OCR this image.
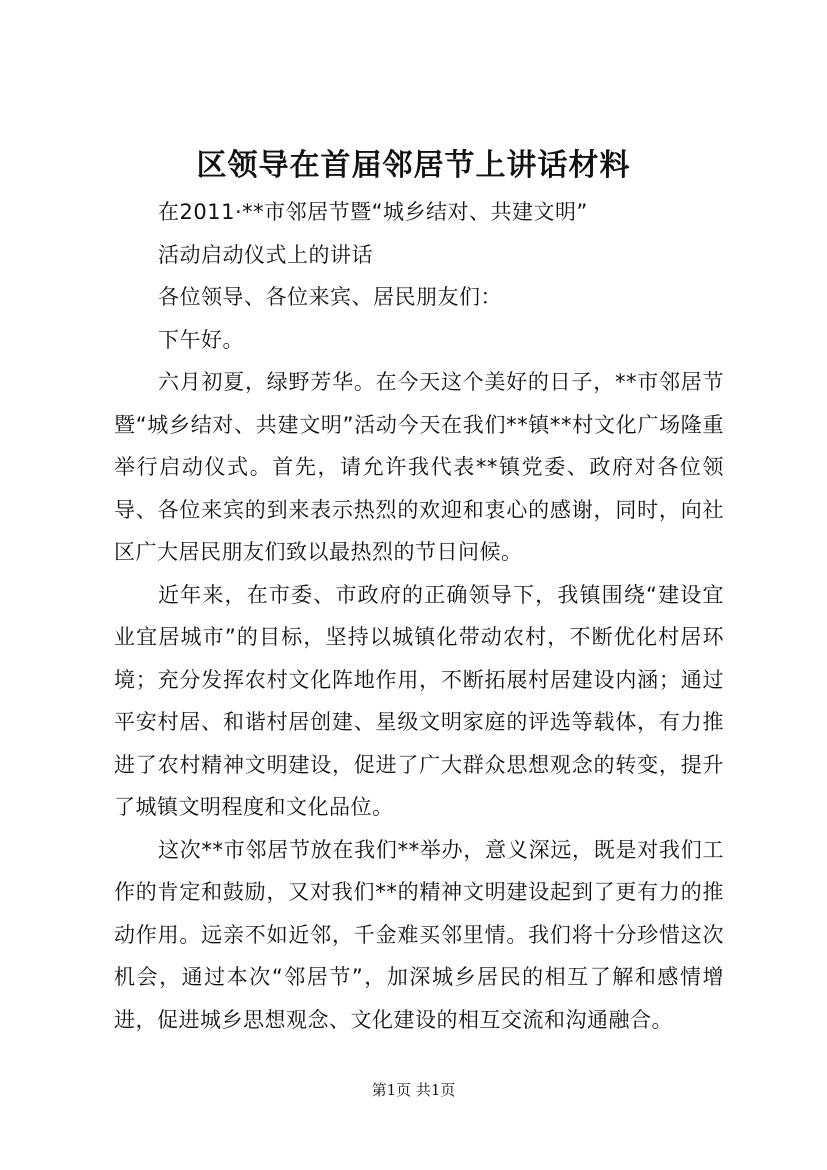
区领导在首届邻居节上讲话材料

在2011·**市邻居节暨“城乡结对、共建文明”

活动启动仪式上的讲话

各位领导、各位来宾、居民朋友们：

下午好。

六月初夏，绿野芳华。在今天这个美好的日子，**市邻居节暨“城乡结对、共建文明”活动今天在我们**镇**村文化广场隆重举行启动仪式。首先，请允许我代表**镇党委、政府对各位领导、各位来宾的到来表示热烈的欢迎和衷心的感谢，同时，向社区广大居民朋友们致以最热烈的节日问候。

近年来，在市委、市政府的正确领导下，我镇围绕“建设宜业宜居城市”的目标，坚持以城镇化带动农村，不断优化村居环境；充分发挥农村文化阵地作用，不断拓展村居建设内涵；通过平安村居、和谐村居创建、星级文明家庭的评选等载体，有力推进了农村精神文明建设，促进了广大群众思想观念的转变，提升了城镇文明程度和文化品位。

这次**市邻居节放在我们**举办，意义深远，既是对我们工作的肯定和鼓励，又对我们**的精神文明建设起到了更有力的推动作用。远亲不如近邻，千金难买邻里情。我们将十分珍惜这次机会，通过本次“邻居节”，加深城乡居民的相互了解和感情增进，促进城乡思想观念、文化建设的相互交流和沟通融合。

第1页 共1页
